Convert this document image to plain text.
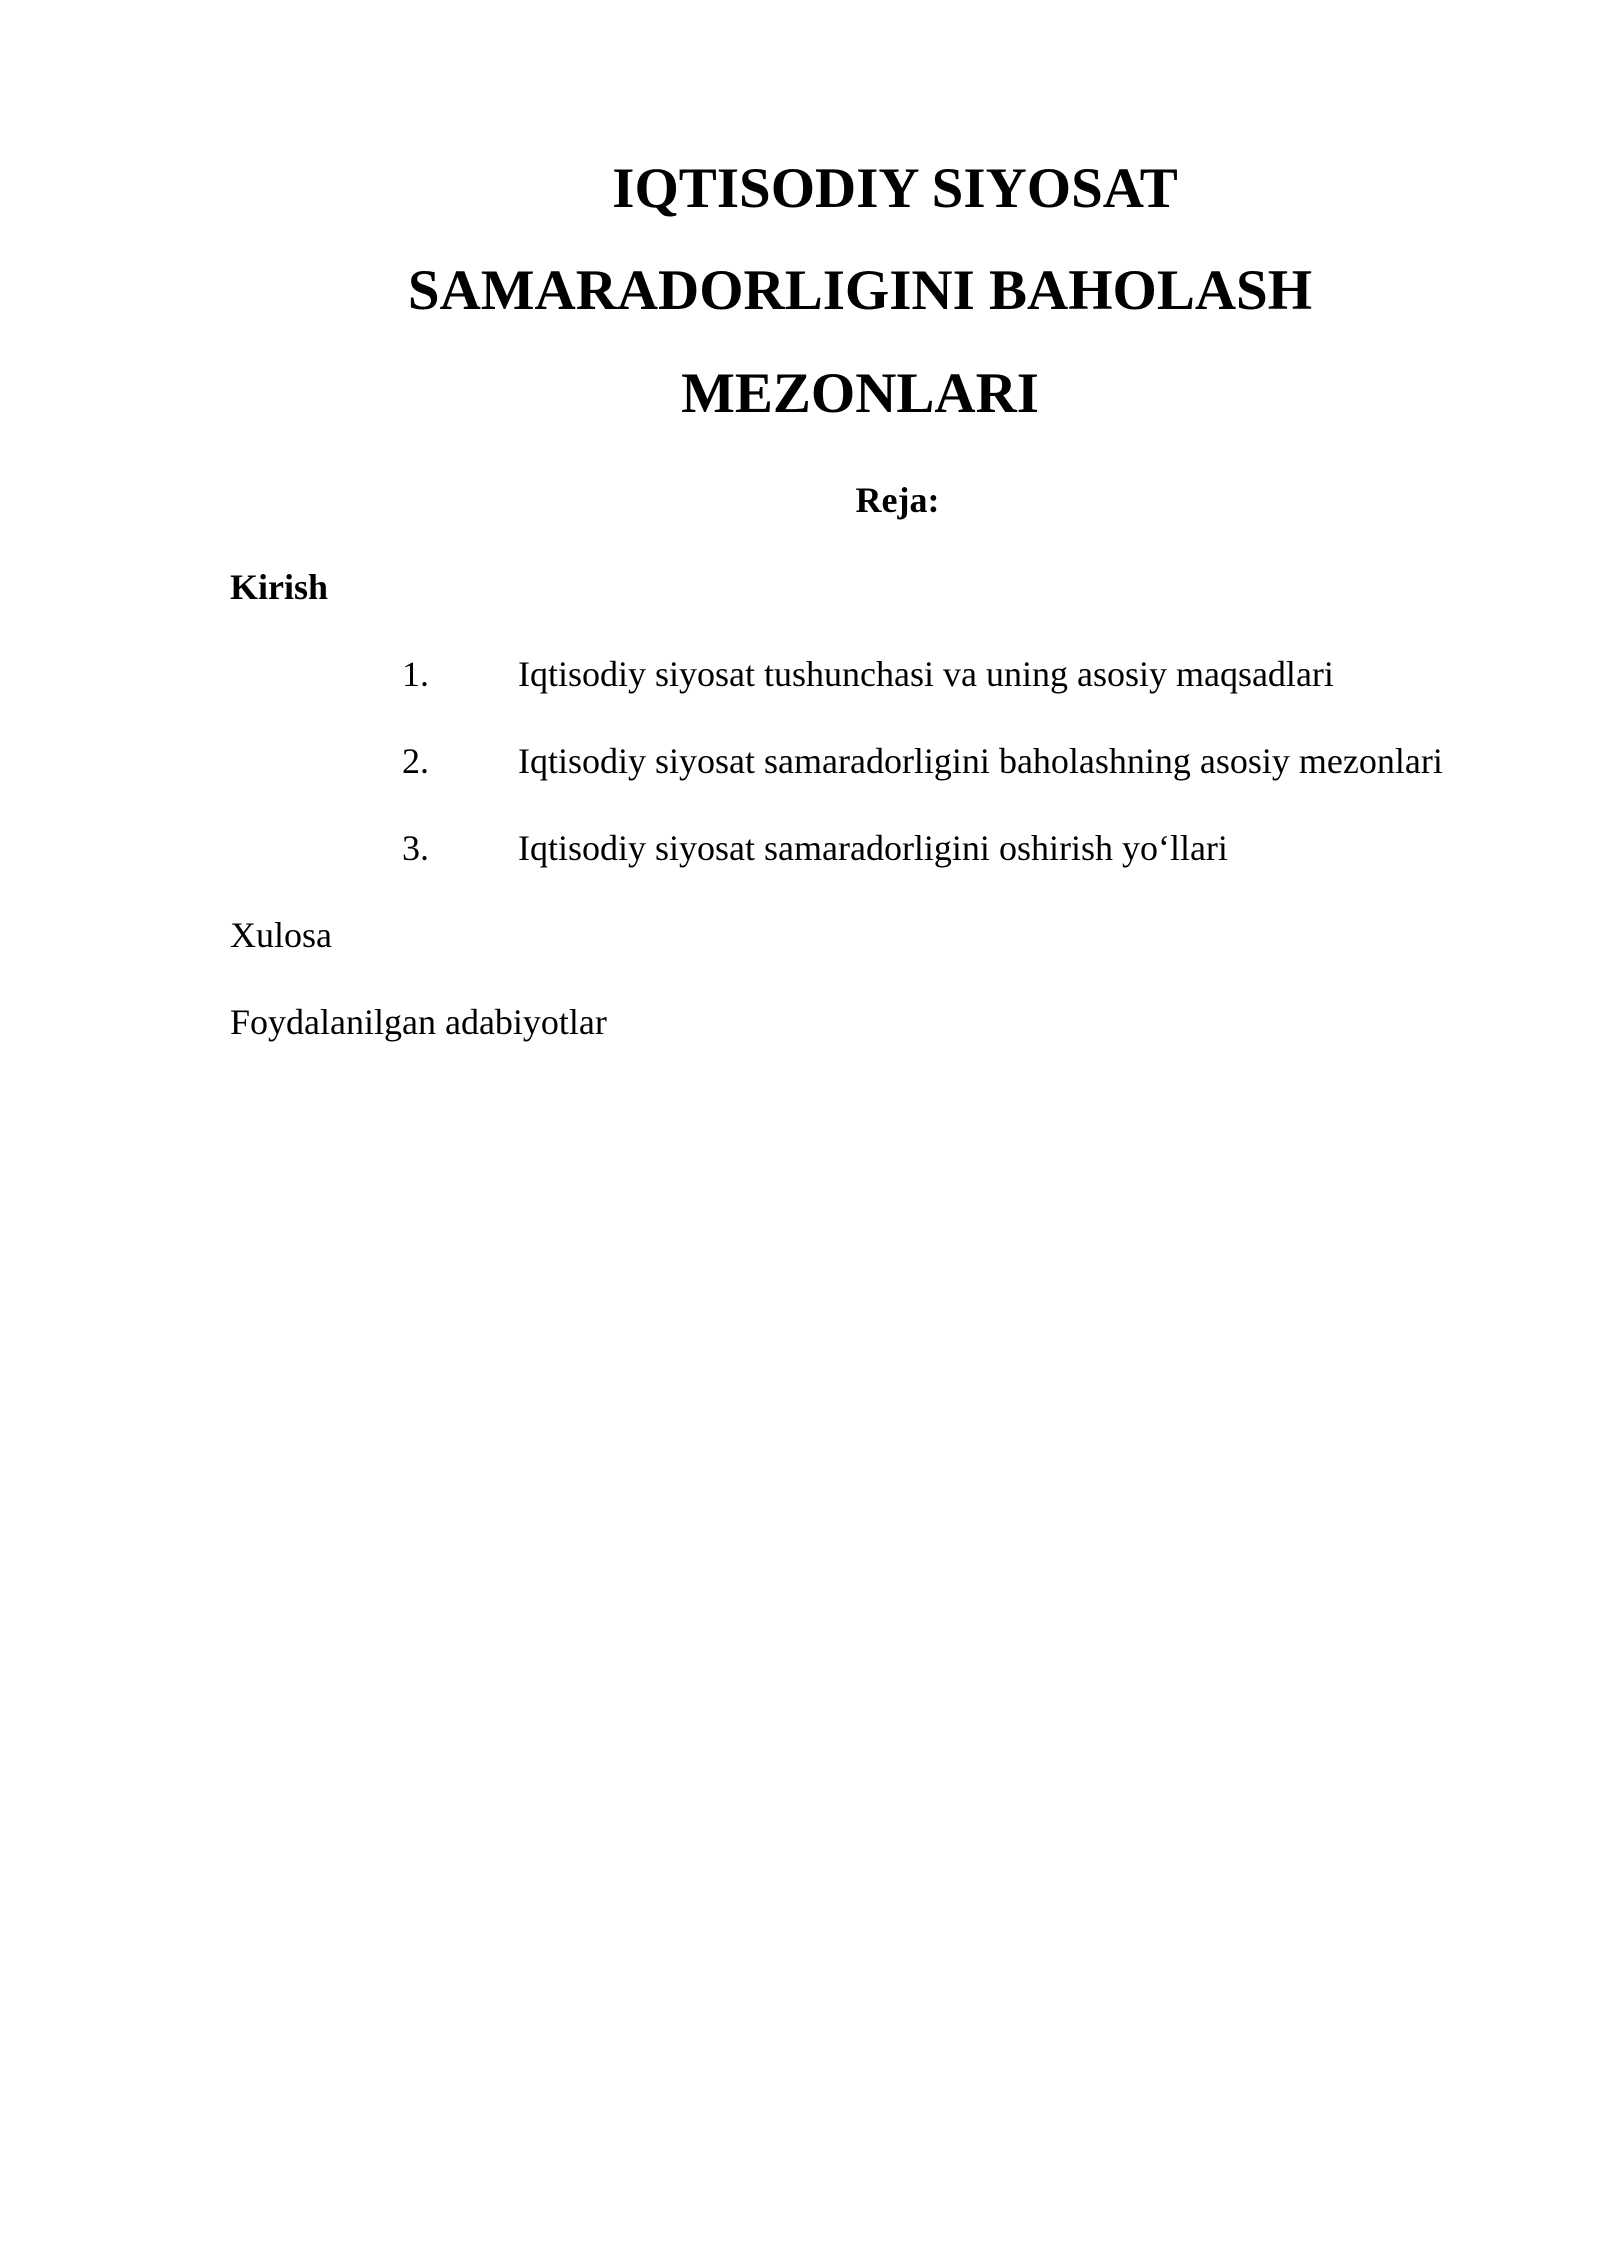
IQTISODIY SIYOSAT
SAMARADORLIGINI BAHOLASH
MEZONLARI
Reja:
Kirish
1. Iqtisodiy siyosat tushunchasi va uning asosiy maqsadlari
2. Iqtisodiy siyosat samaradorligini baholashning asosiy mezonlari
3. Iqtisodiy siyosat samaradorligini oshirish yo‘llari
Xulosa
Foydalanilgan adabiyotlar
